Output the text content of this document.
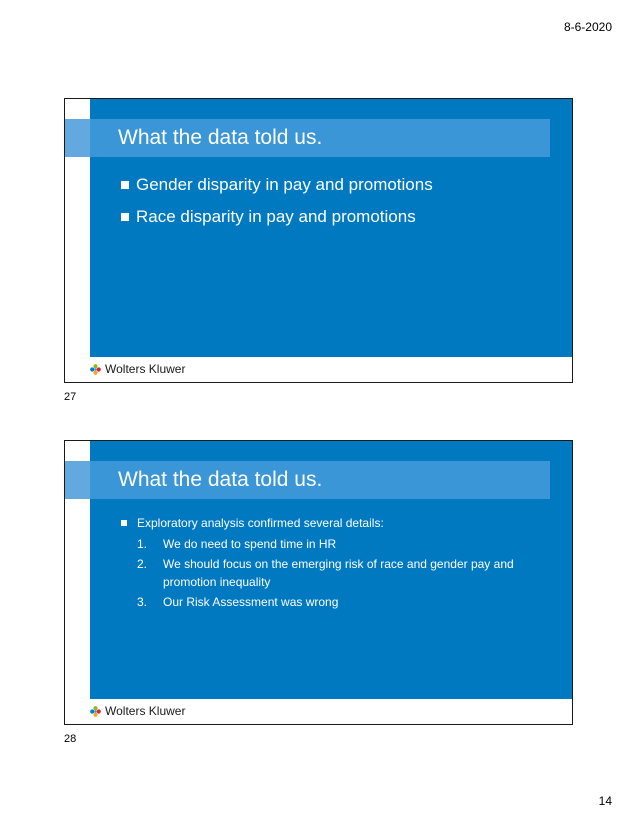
8-6-2020
What the data told us.
Gender disparity in pay and promotions
Race disparity in pay and promotions
Wolters Kluwer
27
What the data told us.
Exploratory analysis confirmed several details:
1.	We do need to spend time in HR
2.	We should focus on the emerging risk of race and gender pay and promotion inequality
3.	Our Risk Assessment was wrong
Wolters Kluwer
28
14
